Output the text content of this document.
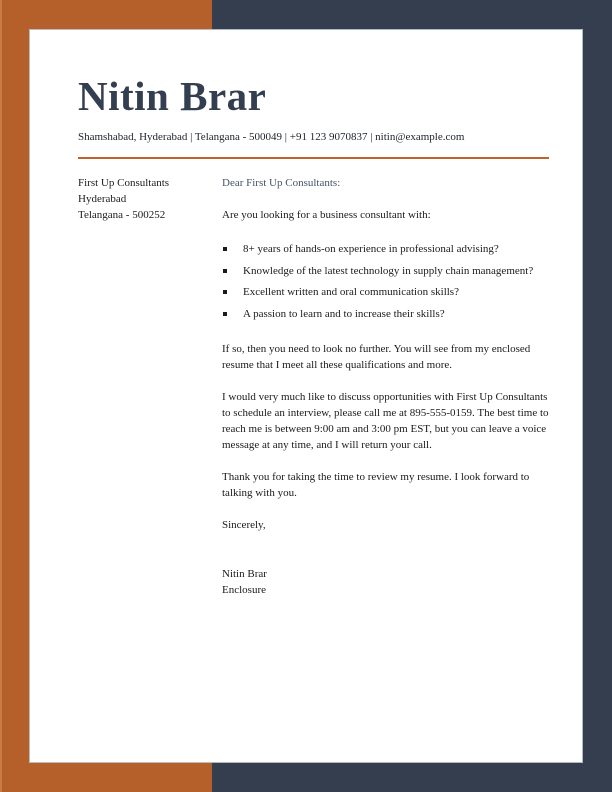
Nitin Brar
Shamshabad, Hyderabad | Telangana - 500049 | +91 123 9070837 | nitin@example.com
First Up Consultants
Hyderabad
Telangana - 500252

Dear First Up Consultants:

Are you looking for a business consultant with:

8+ years of hands-on experience in professional advising?
Knowledge of the latest technology in supply chain management?
Excellent written and oral communication skills?
A passion to learn and to increase their skills?

If so, then you need to look no further. You will see from my enclosed resume that I meet all these qualifications and more.

I would very much like to discuss opportunities with First Up Consultants to schedule an interview, please call me at 895-555-0159. The best time to reach me is between 9:00 am and 3:00 pm EST, but you can leave a voice message at any time, and I will return your call.

Thank you for taking the time to review my resume. I look forward to talking with you.

Sincerely,

Nitin Brar

Enclosure
